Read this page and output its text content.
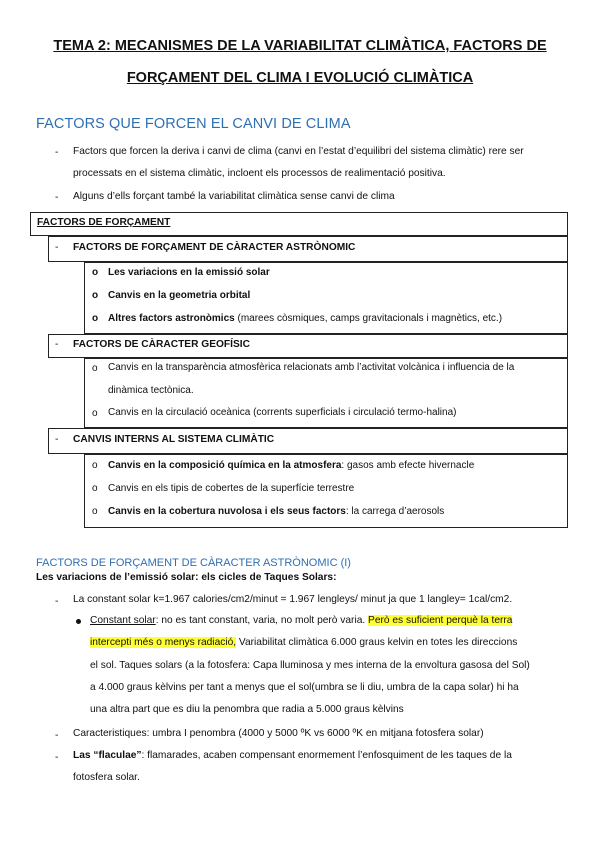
TEMA 2: MECANISMES DE LA VARIABILITAT CLIMÀTICA, FACTORS DE
FORÇAMENT DEL CLIMA I EVOLUCIÓ CLIMÀTICA
FACTORS QUE FORCEN EL CANVI DE CLIMA
- Factors que forcen la deriva i canvi de clima (canvi en l’estat d’equilibri del sistema climàtic) rere ser
processats en el sistema climàtic, incloent els processos de realimentació positiva.
- Alguns d’ells forçant també la variabilitat climàtica sense canvi de clima
FACTORS DE FORÇAMENT
- FACTORS DE FORÇAMENT DE CÀRACTER ASTRÒNOMIC
o Les variacions en la emissió solar
o Canvis en la geometria orbital
o Altres factors astronòmics (marees còsmiques, camps gravitacionals i magnètics, etc.)
- FACTORS DE CÀRACTER GEOFÍSIC
o Canvis en la transparència atmosfèrica relacionats amb l’activitat volcànica i influencia de la
dinàmica tectònica.
o Canvis en la circulació oceànica (corrents superficials i circulació termo-halina)
- CANVIS INTERNS AL SISTEMA CLIMÀTIC
o Canvis en la composició química en la atmosfera: gasos amb efecte hivernacle
o Canvis en els tipis de cobertes de la superfície terrestre
o Canvis en la cobertura nuvolosa i els seus factors: la carrega d’aerosols
FACTORS DE FORÇAMENT DE CÀRACTER ASTRÒNOMIC (I)
Les variacions de l’emissió solar: els cicles de Taques Solars:
- La constant solar k=1.967 calories/cm2/minut = 1.967 lengleys/ minut ja que 1 langley= 1cal/cm2.
Constant solar: no es tant constant, varia, no molt però varia. Però es suficient perquè la terra
intercepti més o menys radiació, Variabilitat climàtica 6.000 graus kelvin en totes les direccions
el sol. Taques solars (a la fotosfera: Capa lluminosa y mes interna de la envoltura gasosa del Sol)
a 4.000 graus kèlvins per tant a menys que el sol(umbra se li diu, umbra de la capa solar) hi ha
una altra part que es diu la penombra que radia a 5.000 graus kèlvins
- Caracteristiques: umbra I penombra (4000 y 5000 ºK vs 6000 ºK en mitjana fotosfera solar)
- Las “flaculae”: flamarades, acaben compensant enormement l’enfosquiment de les taques de la
fotosfera solar.
